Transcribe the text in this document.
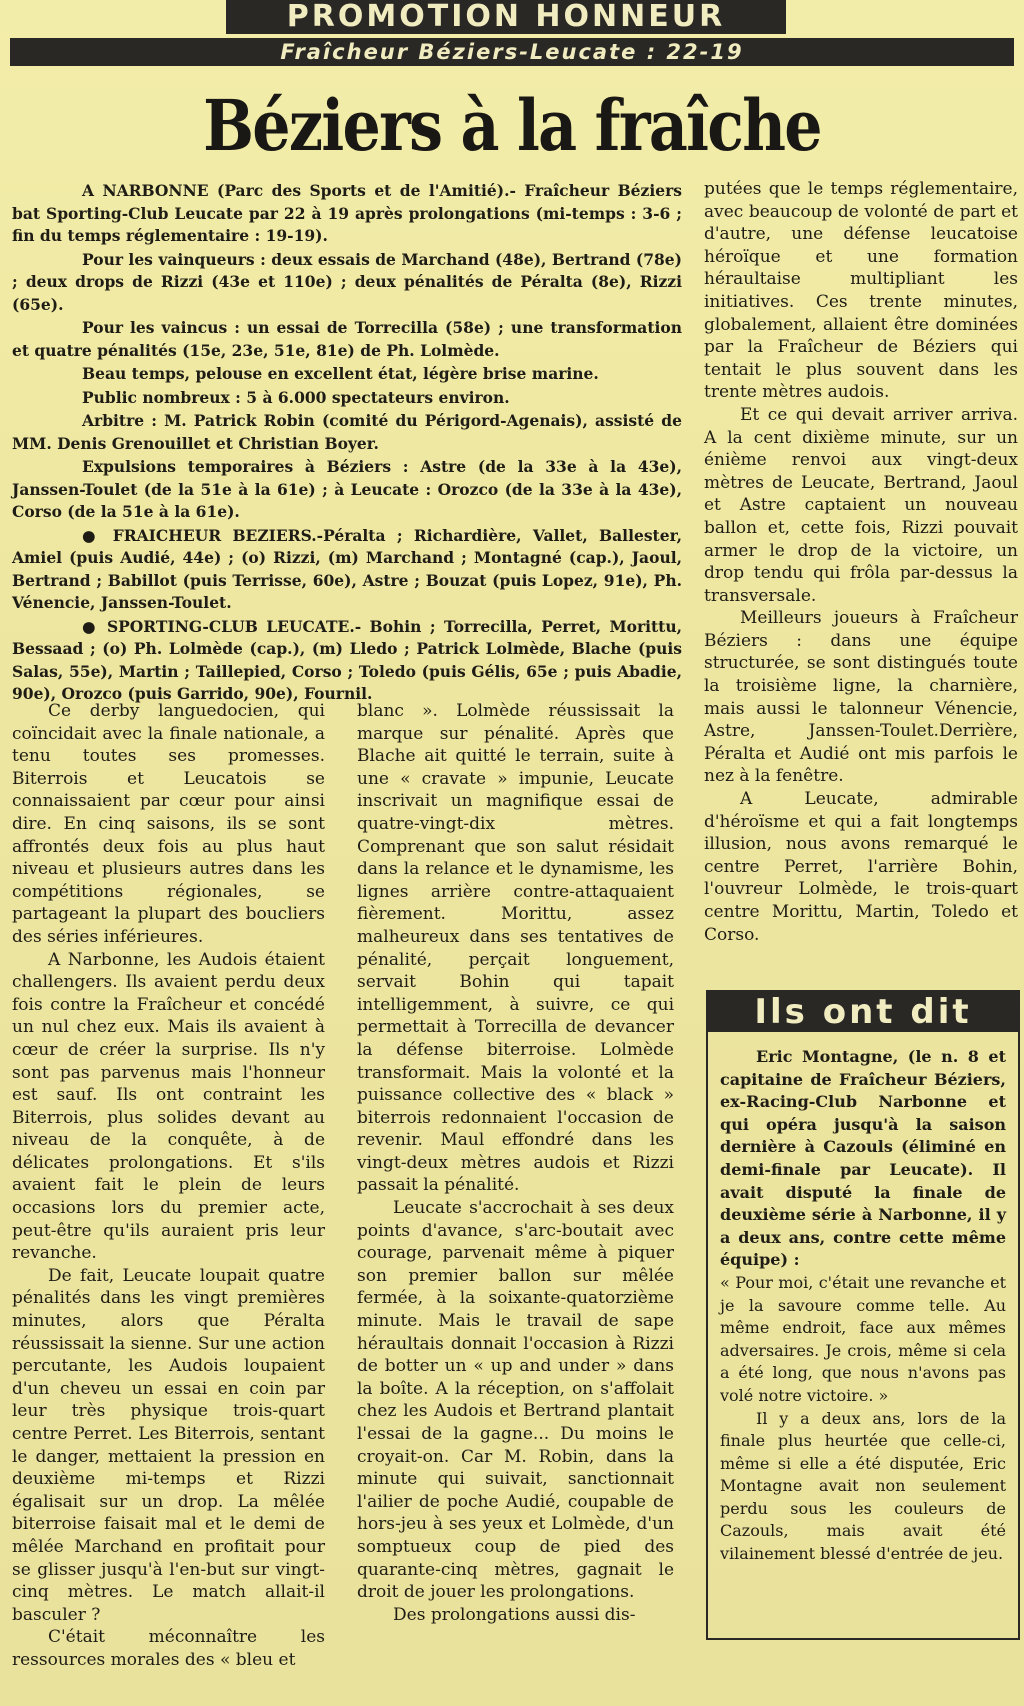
PROMOTION HONNEUR
Fraîcheur Béziers-Leucate : 22-19
Béziers à la fraîche

A NARBONNE (Parc des Sports et de l'Amitié).- Fraîcheur Béziers bat Sporting-Club Leucate par 22 à 19 après prolongations (mi-temps : 3-6 ; fin du temps réglementaire : 19-19).

Pour les vainqueurs : deux essais de Marchand (48e), Bertrand (78e) ; deux drops de Rizzi (43e et 110e) ; deux pénalités de Péralta (8e), Rizzi (65e).

Pour les vaincus : un essai de Torrecilla (58e) ; une transformation et quatre pénalités (15e, 23e, 51e, 81e) de Ph. Lolmède.

Beau temps, pelouse en excellent état, légère brise marine.

Public nombreux : 5 à 6.000 spectateurs environ.

Arbitre : M. Patrick Robin (comité du Périgord-Agenais), assisté de MM. Denis Grenouillet et Christian Boyer.

Expulsions temporaires à Béziers : Astre (de la 33e à la 43e), Janssen-Toulet (de la 51e à la 61e) ; à Leucate : Orozco (de la 33e à la 43e), Corso (de la 51e à la 61e).

● FRAICHEUR BEZIERS.-Péralta ; Richardière, Vallet, Ballester, Amiel (puis Audié, 44e) ; (o) Rizzi, (m) Marchand ; Montagné (cap.), Jaoul, Bertrand ; Babillot (puis Terrisse, 60e), Astre ; Bouzat (puis Lopez, 91e), Ph. Vénencie, Janssen-Toulet.

● SPORTING-CLUB LEUCATE.- Bohin ; Torrecilla, Perret, Morittu, Bessaad ; (o) Ph. Lolmède (cap.), (m) Lledo ; Patrick Lolmède, Blache (puis Salas, 55e), Martin ; Taillepied, Corso ; Toledo (puis Gélis, 65e ; puis Abadie, 90e), Orozco (puis Garrido, 90e), Fournil.

Ce derby languedocien, qui coïncidait avec la finale nationale, a tenu toutes ses promesses. Biterrois et Leucatois se connaissaient par cœur pour ainsi dire. En cinq saisons, ils se sont affrontés deux fois au plus haut niveau et plusieurs autres dans les compétitions régionales, se partageant la plupart des boucliers des séries inférieures.

A Narbonne, les Audois étaient challengers. Ils avaient perdu deux fois contre la Fraîcheur et concédé un nul chez eux. Mais ils avaient à cœur de créer la surprise. Ils n'y sont pas parvenus mais l'honneur est sauf. Ils ont contraint les Biterrois, plus solides devant au niveau de la conquête, à de délicates prolongations. Et s'ils avaient fait le plein de leurs occasions lors du premier acte, peut-être qu'ils auraient pris leur revanche.

De fait, Leucate loupait quatre pénalités dans les vingt premières minutes, alors que Péralta réussissait la sienne. Sur une action percutante, les Audois loupaient d'un cheveu un essai en coin par leur très physique trois-quart centre Perret. Les Biterrois, sentant le danger, mettaient la pression en deuxième mi-temps et Rizzi égalisait sur un drop. La mêlée biterroise faisait mal et le demi de mêlée Marchand en profitait pour se glisser jusqu'à l'en-but sur vingt-cinq mètres. Le match allait-il basculer ?

C'était méconnaître les ressources morales des « bleu et

blanc ». Lolmède réussissait la marque sur pénalité. Après que Blache ait quitté le terrain, suite à une « cravate » impunie, Leucate inscrivait un magnifique essai de quatre-vingt-dix mètres. Comprenant que son salut résidait dans la relance et le dynamisme, les lignes arrière contre-attaquaient fièrement. Morittu, assez malheureux dans ses tentatives de pénalité, perçait longuement, servait Bohin qui tapait intelligemment, à suivre, ce qui permettait à Torrecilla de devancer la défense biterroise. Lolmède transformait. Mais la volonté et la puissance collective des « black » biterrois redonnaient l'occasion de revenir. Maul effondré dans les vingt-deux mètres audois et Rizzi passait la pénalité.

Leucate s'accrochait à ses deux points d'avance, s'arc-boutait avec courage, parvenait même à piquer son premier ballon sur mêlée fermée, à la soixante-quatorzième minute. Mais le travail de sape héraultais donnait l'occasion à Rizzi de botter un « up and under » dans la boîte. A la réception, on s'affolait chez les Audois et Bertrand plantait l'essai de la gagne... Du moins le croyait-on. Car M. Robin, dans la minute qui suivait, sanctionnait l'ailier de poche Audié, coupable de hors-jeu à ses yeux et Lolmède, d'un somptueux coup de pied des quarante-cinq mètres, gagnait le droit de jouer les prolongations.

Des prolongations aussi dis-

putées que le temps réglementaire, avec beaucoup de volonté de part et d'autre, une défense leucatoise héroïque et une formation héraultaise multipliant les initiatives. Ces trente minutes, globalement, allaient être dominées par la Fraîcheur de Béziers qui tentait le plus souvent dans les trente mètres audois.

Et ce qui devait arriver arriva. A la cent dixième minute, sur un énième renvoi aux vingt-deux mètres de Leucate, Bertrand, Jaoul et Astre captaient un nouveau ballon et, cette fois, Rizzi pouvait armer le drop de la victoire, un drop tendu qui frôla par-dessus la transversale.

Meilleurs joueurs à Fraîcheur Béziers : dans une équipe structurée, se sont distingués toute la troisième ligne, la charnière, mais aussi le talonneur Vénencie, Astre, Janssen-Toulet.Derrière, Péralta et Audié ont mis parfois le nez à la fenêtre.

A Leucate, admirable d'héroïsme et qui a fait longtemps illusion, nous avons remarqué le centre Perret, l'arrière Bohin, l'ouvreur Lolmède, le trois-quart centre Morittu, Martin, Toledo et Corso.

Ils ont dit

Eric Montagne, (le n. 8 et capitaine de Fraîcheur Béziers, ex-Racing-Club Narbonne et qui opéra jusqu'à la saison dernière à Cazouls (éliminé en demi-finale par Leucate). Il avait disputé la finale de deuxième série à Narbonne, il y a deux ans, contre cette même équipe) :

« Pour moi, c'était une revanche et je la savoure comme telle. Au même endroit, face aux mêmes adversaires. Je crois, même si cela a été long, que nous n'avons pas volé notre victoire. »

Il y a deux ans, lors de la finale plus heurtée que celle-ci, même si elle a été disputée, Eric Montagne avait non seulement perdu sous les couleurs de Cazouls, mais avait été vilainement blessé d'entrée de jeu.
